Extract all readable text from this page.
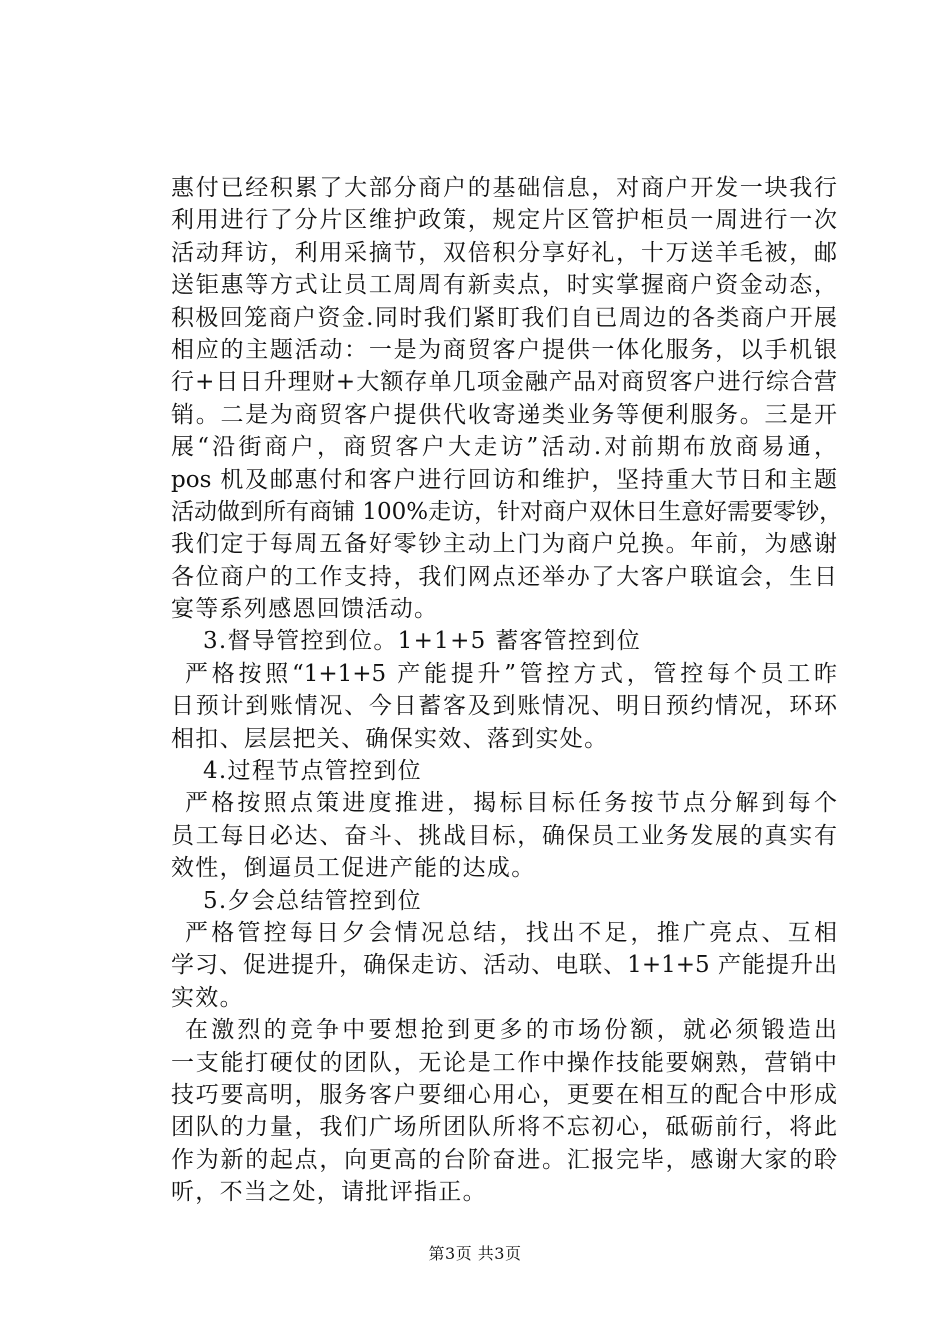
惠付已经积累了大部分商户的基础信息，对商户开发一块我行
利用进行了分片区维护政策，规定片区管护柜员一周进行一次
活动拜访，利用采摘节，双倍积分享好礼，十万送羊毛被，邮
送钜惠等方式让员工周周有新卖点，时实掌握商户资金动态，
积极回笼商户资金.同时我们紧盯我们自已周边的各类商户开展
相应的主题活动：一是为商贸客户提供一体化服务，以手机银
行+日日升理财+大额存单几项金融产品对商贸客户进行综合营
销。二是为商贸客户提供代收寄递类业务等便利服务。三是开
展“沿街商户，商贸客户大走访”活动.对前期布放商易通，
pos 机及邮惠付和客户进行回访和维护，坚持重大节日和主题
活动做到所有商铺 100%走访，针对商户双休日生意好需要零钞，
我们定于每周五备好零钞主动上门为商户兑换。年前，为感谢
各位商户的工作支持，我们网点还举办了大客户联谊会，生日
宴等系列感恩回馈活动。
3.督导管控到位。1+1+5 蓄客管控到位
严格按照“1+1+5 产能提升”管控方式，管控每个员工昨
日预计到账情况、今日蓄客及到账情况、明日预约情况，环环
相扣、层层把关、确保实效、落到实处。
4.过程节点管控到位
严格按照点策进度推进，揭标目标任务按节点分解到每个
员工每日必达、奋斗、挑战目标，确保员工业务发展的真实有
效性，倒逼员工促进产能的达成。
5.夕会总结管控到位
严格管控每日夕会情况总结，找出不足，推广亮点、互相
学习、促进提升，确保走访、活动、电联、1+1+5 产能提升出
实效。
在激烈的竞争中要想抢到更多的市场份额，就必须锻造出
一支能打硬仗的团队，无论是工作中操作技能要娴熟，营销中
技巧要高明，服务客户要细心用心，更要在相互的配合中形成
团队的力量，我们广场所团队所将不忘初心，砥砺前行，将此
作为新的起点，向更高的台阶奋进。汇报完毕，感谢大家的聆
听，不当之处，请批评指正。
第3页 共3页
